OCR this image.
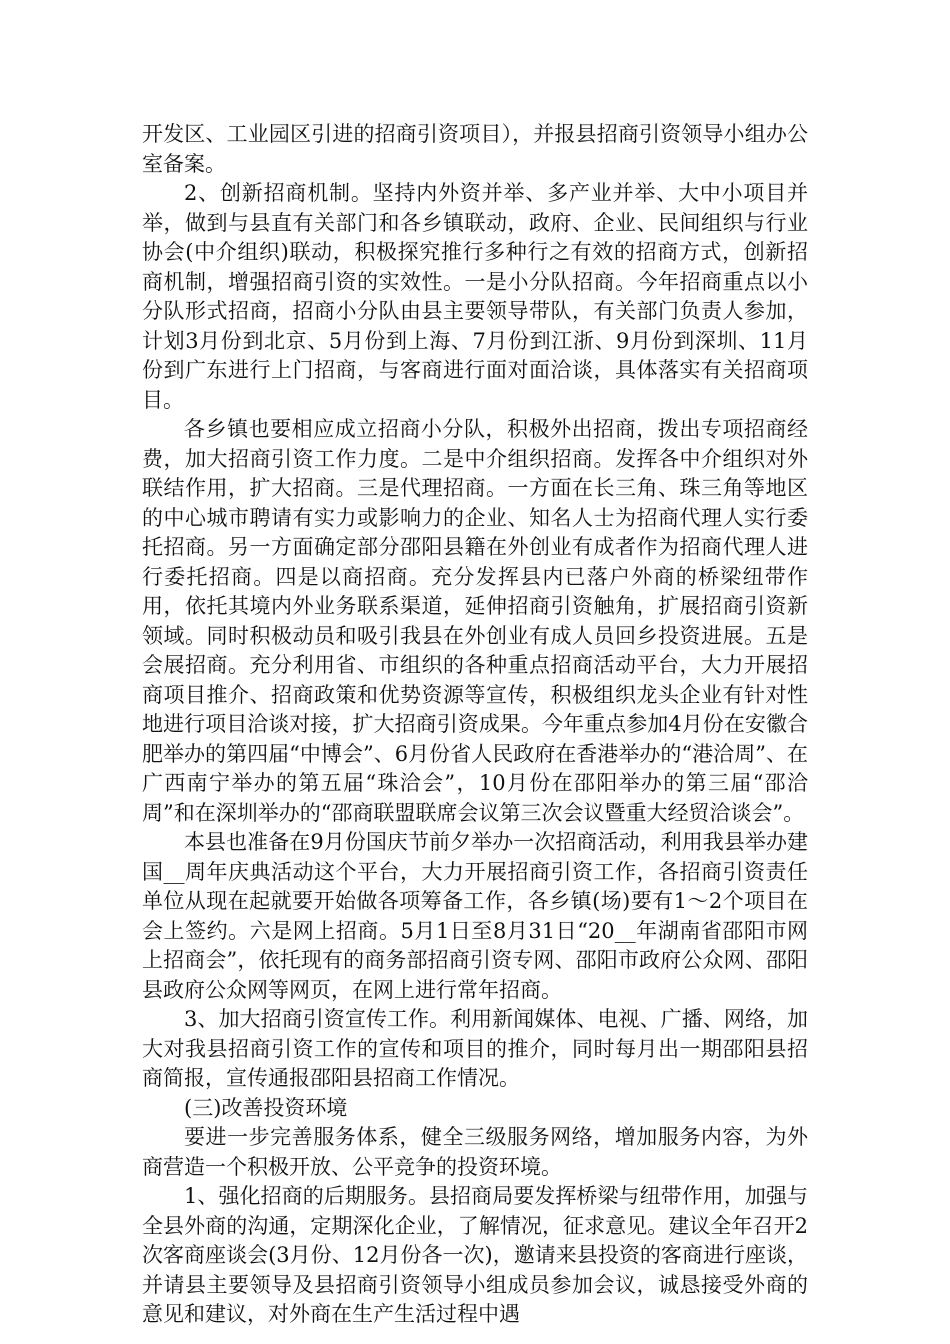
开发区、工业园区引进的招商引资项目），并报县招商引资领导小组办公室备案。

2、创新招商机制。坚持内外资并举、多产业并举、大中小项目并举，做到与县直有关部门和各乡镇联动，政府、企业、民间组织与行业协会(中介组织)联动，积极探究推行多种行之有效的招商方式，创新招商机制，增强招商引资的实效性。一是小分队招商。今年招商重点以小分队形式招商，招商小分队由县主要领导带队，有关部门负责人参加，计划3月份到北京、5月份到上海、7月份到江浙、9月份到深圳、11月份到广东进行上门招商，与客商进行面对面洽谈，具体落实有关招商项目。

各乡镇也要相应成立招商小分队，积极外出招商，拨出专项招商经费，加大招商引资工作力度。二是中介组织招商。发挥各中介组织对外联结作用，扩大招商。三是代理招商。一方面在长三角、珠三角等地区的中心城市聘请有实力或影响力的企业、知名人士为招商代理人实行委托招商。另一方面确定部分邵阳县籍在外创业有成者作为招商代理人进行委托招商。四是以商招商。充分发挥县内已落户外商的桥梁纽带作用，依托其境内外业务联系渠道，延伸招商引资触角，扩展招商引资新领域。同时积极动员和吸引我县在外创业有成人员回乡投资进展。五是会展招商。充分利用省、市组织的各种重点招商活动平台，大力开展招商项目推介、招商政策和优势资源等宣传，积极组织龙头企业有针对性地进行项目洽谈对接，扩大招商引资成果。今年重点参加4月份在安徽合肥举办的第四届“中博会”、6月份省人民政府在香港举办的“港洽周”、在广西南宁举办的第五届“珠洽会”，10月份在邵阳举办的第三届“邵洽周”和在深圳举办的“邵商联盟联席会议第三次会议暨重大经贸洽谈会”。

本县也准备在9月份国庆节前夕举办一次招商活动，利用我县举办建国__周年庆典活动这个平台，大力开展招商引资工作，各招商引资责任单位从现在起就要开始做各项筹备工作，各乡镇(场)要有1～2个项目在会上签约。六是网上招商。5月1日至8月31日“20__年湖南省邵阳市网上招商会”，依托现有的商务部招商引资专网、邵阳市政府公众网、邵阳县政府公众网等网页，在网上进行常年招商。

3、加大招商引资宣传工作。利用新闻媒体、电视、广播、网络，加大对我县招商引资工作的宣传和项目的推介，同时每月出一期邵阳县招商简报，宣传通报邵阳县招商工作情况。

(三)改善投资环境

要进一步完善服务体系，健全三级服务网络，增加服务内容，为外商营造一个积极开放、公平竞争的投资环境。

1、强化招商的后期服务。县招商局要发挥桥梁与纽带作用，加强与全县外商的沟通，定期深化企业，了解情况，征求意见。建议全年召开2次客商座谈会(3月份、12月份各一次)，邀请来县投资的客商进行座谈，并请县主要领导及县招商引资领导小组成员参加会议，诚恳接受外商的意见和建议，对外商在生产生活过程中遇
